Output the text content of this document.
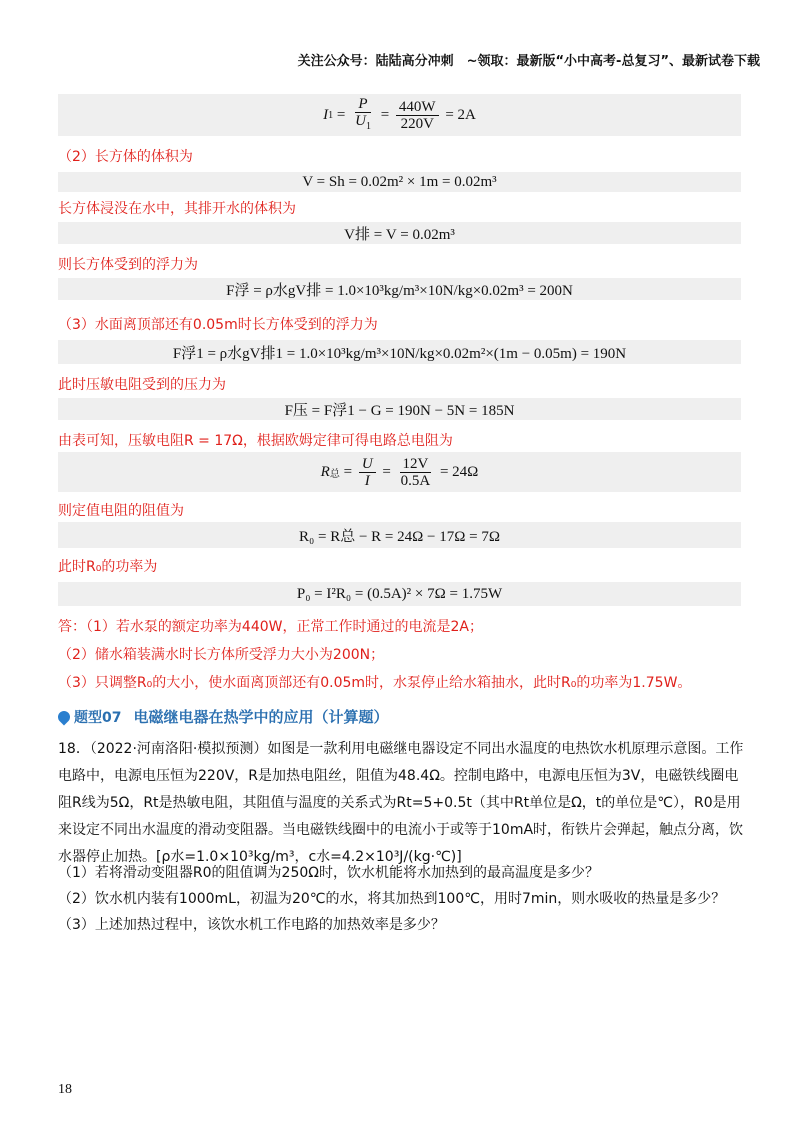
关注公众号：陆陆高分冲刺　~领取：最新版“小中高考-总复习”、最新试卷下载
I $1 = \frac{P}{U_1} = \frac{440W}{220V} = 2A$
（2）长方体的体积为
V = Sh = 0.02m² × 1m = 0.02m³
长方体浸没在水中，其排开水的体积为
V排 = V = 0.02m³
则长方体受到的浮力为
F浮 = ρ水gV排 = 1.0×10³kg/m³×10N/kg×0.02m³ = 200N
（3）水面离顶部还有0.05m时长方体受到的浮力为
F浮1 = ρ水gV排1 = 1.0×10³kg/m³×10N/kg×0.02m²×(1m − 0.05m) = 190N
此时压敏电阻受到的压力为
F压 = F浮1 − G = 190N − 5N = 185N
由表可知，压敏电阻R = 17Ω，根据欧姆定律可得电路总电阻为
R 总 = $\frac{U}{I} = \frac{12V}{0.5A} = 24\Omega$
则定值电阻的阻值为
R₀ = R总 − R = 24Ω − 17Ω = 7Ω
此时R₀的功率为
P₀ = I²R₀ = (0.5A)² × 7Ω = 1.75W
答：（1）若水泵的额定功率为440W，正常工作时通过的电流是2A；
（2）储水箱装满水时长方体所受浮力大小为200N；
（3）只调整R₀的大小，使水面离顶部还有0.05m时，水泵停止给水箱抽水，此时R₀的功率为1.75W。
题型07 电磁继电器在热学中的应用（计算题）
18．（2022·河南洛阳·模拟预测）如图是一款利用电磁继电器设定不同出水温度的电热饮水机原理示意图。工作电路中，电源电压恒为220V，R是加热电阻丝，阻值为48.4Ω。控制电路中，电源电压恒为3V，电磁铁线圈电阻R线为5Ω，Rt是热敏电阻，其阻值与温度的关系式为Rt=5+0.5t（其中Rt单位是Ω，t的单位是℃），R0是用来设定不同出水温度的滑动变阻器。当电磁铁线圈中的电流小于或等于10mA时，衔铁片会弹起，触点分离，饮水器停止加热。[ρ水=1.0×10³kg/m³，c水=4.2×10³J/(kg·℃)]
（1）若将滑动变阻器R0的阻值调为250Ω时，饮水机能将水加热到的最高温度是多少？
（2）饮水机内装有1000mL，初温为20℃的水，将其加热到100℃，用时7min，则水吸收的热量是多少？
（3）上述加热过程中，该饮水机工作电路的加热效率是多少？
18
